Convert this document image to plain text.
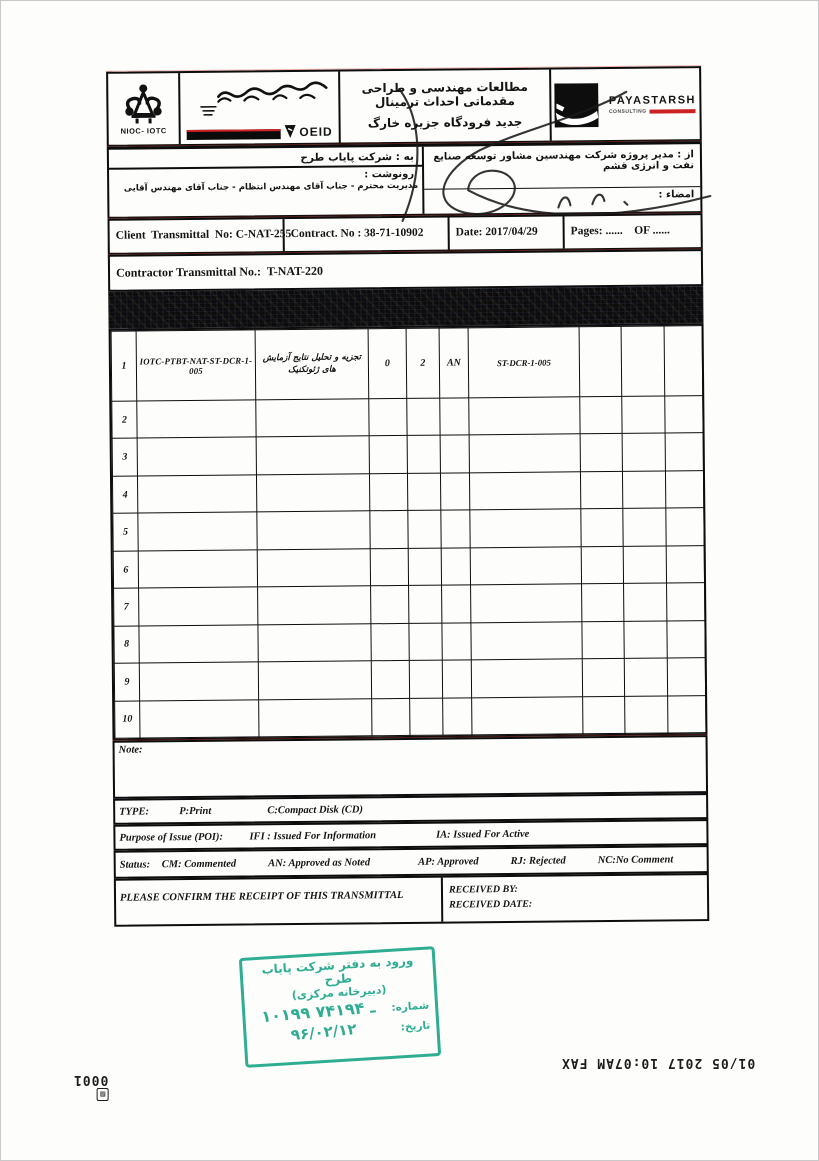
NIOC- IOTC	OEID
مطالعات مهندسی و طراحی مقدماتی احداث ترمینال
جدید فرودگاه جزیره خارگ
PAYASTARSH
CONSULTING
به : شرکت پایاب طرح
رونوشت :
مدیریت محترم - جناب آقای مهندس انتظام - جناب آقای مهندس آقایی
از : مدیر پروژه شرکت مهندسین مشاور توسعه صنایع نفت و انرژی قشم
امضاء :
Client  Transmittal  No: C-NAT-255 Contract. No : 38-71-10902	Date: 2017/04/29	Pages: ......    OF ......
Contractor Transmittal No.:  T-NAT-220
1	IOTC-PTBT-NAT-ST-DCR-1-005	تجزیه و تحلیل نتایج آزمایش های ژئوتکنیک	0	2	AN	ST-DCR-1-005			
2									
3									
4									
5									
6									
7									
8									
9									
10									
Note:
TYPE:	P:Print	C:Compact Disk (CD)
Purpose of Issue (POI):	IFI : Issued For Information	IA: Issued For Active
Status:	CM: Commented	AN: Approved as Noted	AP: Approved	RJ: Rejected	NC:No Comment
PLEASE CONFIRM THE RECEIPT OF THIS TRANSMITTAL
RECEIVED BY:
RECEIVED DATE:
ورود به دفتر شرکت پایاب طرح
(دبیرخانه مرکزی)
شماره:
۱۰۱۹۹ ـ ۷۴۱۹۴
تاریخ:
۹۶/۰۲/۱۲

▨
0001

01/05 2017 10:07AM FAX
